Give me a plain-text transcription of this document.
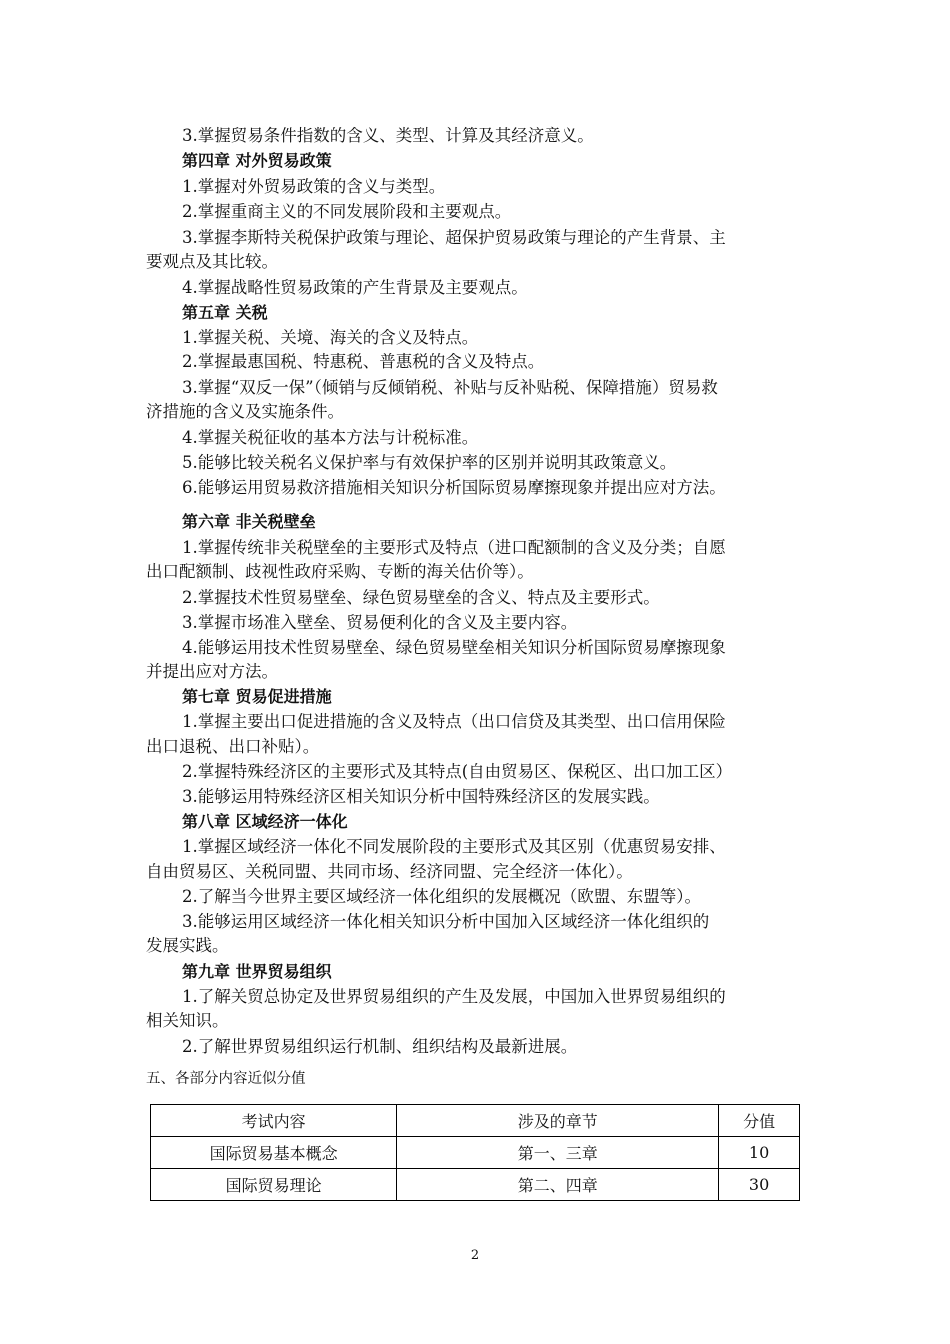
3.掌握贸易条件指数的含义、类型、计算及其经济意义。
第四章 对外贸易政策
1.掌握对外贸易政策的含义与类型。
2.掌握重商主义的不同发展阶段和主要观点。
3.掌握李斯特关税保护政策与理论、超保护贸易政策与理论的产生背景、主
要观点及其比较。
4.掌握战略性贸易政策的产生背景及主要观点。
第五章 关税
1.掌握关税、关境、海关的含义及特点。
2.掌握最惠国税、特惠税、普惠税的含义及特点。
3.掌握“双反一保”（倾销与反倾销税、补贴与反补贴税、保障措施）贸易救
济措施的含义及实施条件。
4.掌握关税征收的基本方法与计税标准。
5.能够比较关税名义保护率与有效保护率的区别并说明其政策意义。
6.能够运用贸易救济措施相关知识分析国际贸易摩擦现象并提出应对方法。
第六章 非关税壁垒
1.掌握传统非关税壁垒的主要形式及特点（进口配额制的含义及分类；自愿
出口配额制、歧视性政府采购、专断的海关估价等）。
2.掌握技术性贸易壁垒、绿色贸易壁垒的含义、特点及主要形式。
3.掌握市场准入壁垒、贸易便利化的含义及主要内容。
4.能够运用技术性贸易壁垒、绿色贸易壁垒相关知识分析国际贸易摩擦现象
并提出应对方法。
第七章 贸易促进措施
1.掌握主要出口促进措施的含义及特点（出口信贷及其类型、出口信用保险
出口退税、出口补贴）。
2.掌握特殊经济区的主要形式及其特点(自由贸易区、保税区、出口加工区）
3.能够运用特殊经济区相关知识分析中国特殊经济区的发展实践。
第八章 区域经济一体化
1.掌握区域经济一体化不同发展阶段的主要形式及其区别（优惠贸易安排、
自由贸易区、关税同盟、共同市场、经济同盟、完全经济一体化）。
2.了解当今世界主要区域经济一体化组织的发展概况（欧盟、东盟等）。
3.能够运用区域经济一体化相关知识分析中国加入区域经济一体化组织的
发展实践。
第九章 世界贸易组织
1.了解关贸总协定及世界贸易组织的产生及发展，中国加入世界贸易组织的
相关知识。
2.了解世界贸易组织运行机制、组织结构及最新进展。
五、各部分内容近似分值
考试内容	涉及的章节	分值
国际贸易基本概念	第一、三章	10
国际贸易理论	第二、四章	30
2
